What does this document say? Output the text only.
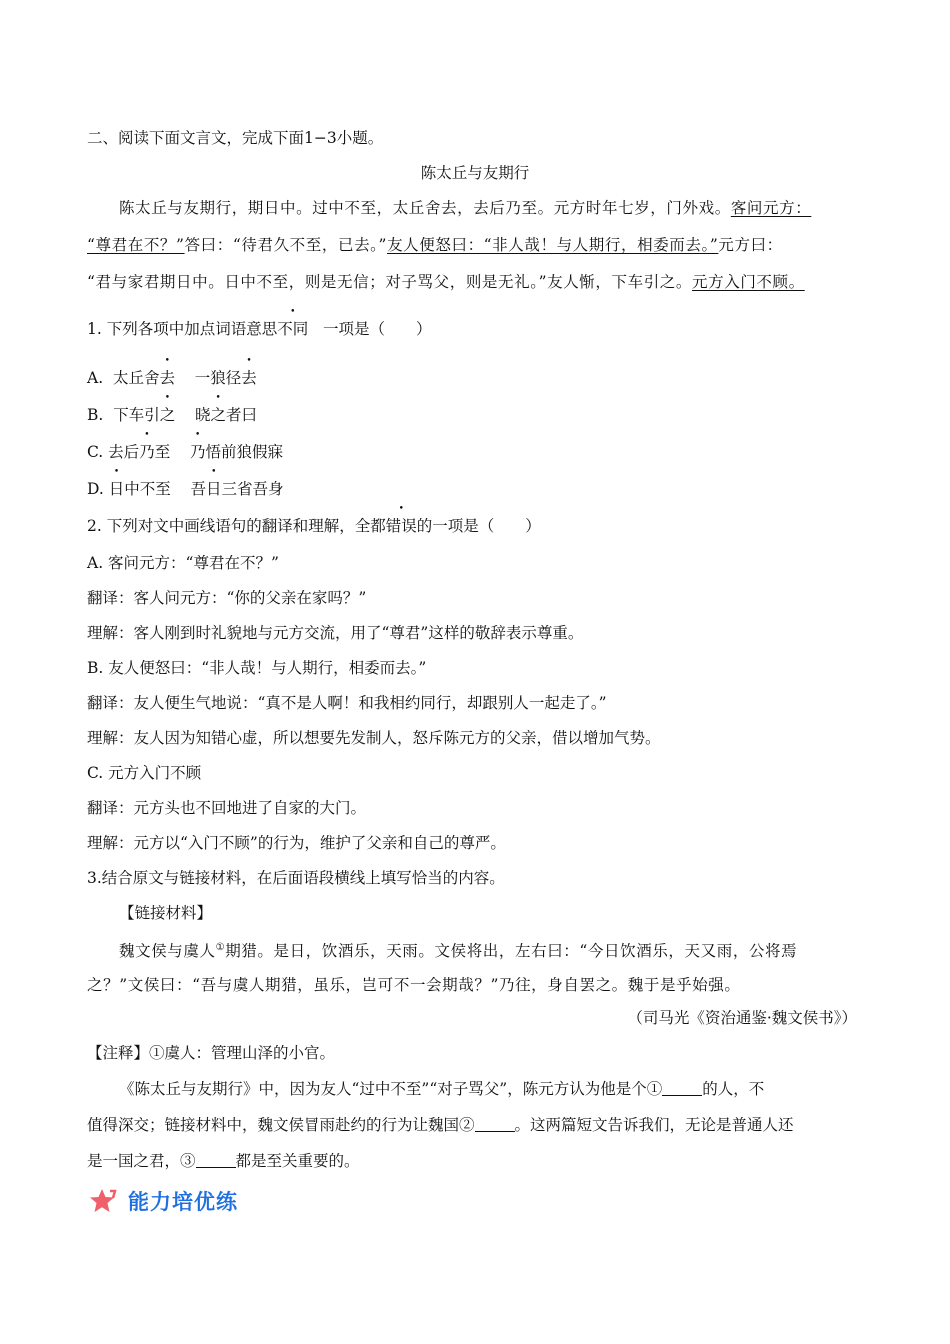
二、阅读下面文言文，完成下面1−3小题。
陈太丘与友期行
陈太丘与友期行，期日中。过中不至，太丘舍去，去后乃至。元方时年七岁，门外戏。客问元方：
“尊君在不？”答曰：“待君久不至，已去。”友人便怒曰：“非人哉！与人期行，相委而去。”元方曰：
“君与家君期日中。日中不至，则是无信；对子骂父，则是无礼。”友人惭，下车引之。元方入门不顾。
1. 下列各项中加点词语意思不同 一项是（　　）
A. 太丘舍去 一狼径去
B. 下车引之 晓之者曰
C. 去后乃至 乃悟前狼假寐
D. 日中不至 吾日三省吾身
2. 下列对文中画线语句的翻译和理解，全都错误的一项是（　　）
A. 客问元方：“尊君在不？”
翻译：客人问元方：“你的父亲在家吗？”
理解：客人刚到时礼貌地与元方交流，用了“尊君”这样的敬辞表示尊重。
B. 友人便怒曰：“非人哉！与人期行，相委而去。”
翻译：友人便生气地说：“真不是人啊！和我相约同行，却跟别人一起走了。”
理解：友人因为知错心虚，所以想要先发制人，怒斥陈元方的父亲，借以增加气势。
C. 元方入门不顾
翻译：元方头也不回地进了自家的大门。
理解：元方以“入门不顾”的行为，维护了父亲和自己的尊严。
3.结合原文与链接材料，在后面语段横线上填写恰当的内容。
【链接材料】
魏文侯与虞人①期猎。是日，饮酒乐，天雨。文侯将出，左右曰：“今日饮酒乐，天又雨，公将焉
之？”文侯曰：“吾与虞人期猎，虽乐，岂可不一会期哉？”乃往，身自罢之。魏于是乎始强。
（司马光《资治通鉴·魏文侯书》）
【注释】①虞人：管理山泽的小官。
《陈太丘与友期行》中，因为友人“过中不至”“对子骂父”，陈元方认为他是个①	的人，不
值得深交；链接材料中，魏文侯冒雨赴约的行为让魏国②	。这两篇短文告诉我们，无论是普通人还
是一国之君，③	都是至关重要的。
能力培优练
